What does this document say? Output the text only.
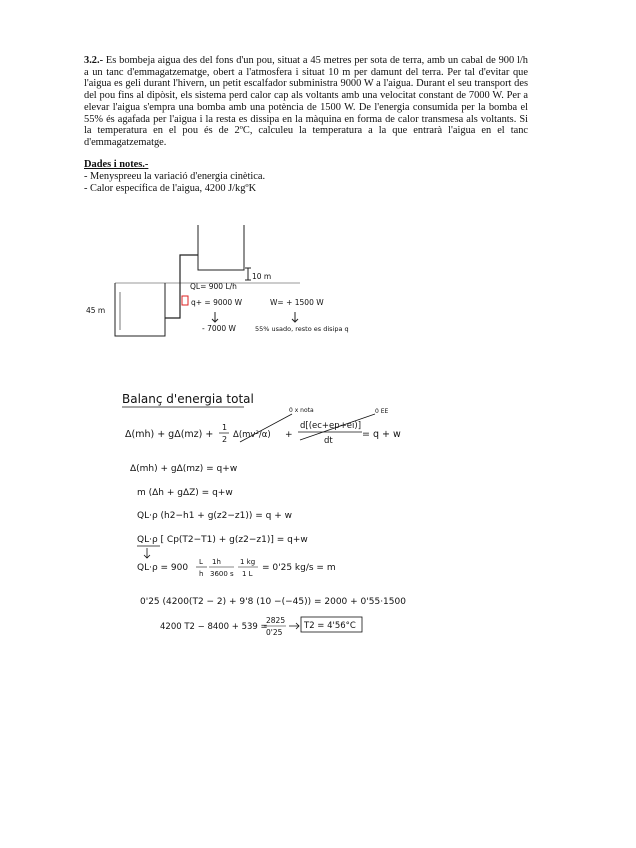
3.2.- Es bombeja aigua des del fons d'un pou, situat a 45 metres per sota de terra, amb un cabal de 900 l/h a un tanc d'emmagatzematge, obert a l'atmosfera i situat 10 m per damunt del terra. Per tal d'evitar que l'aigua es geli durant l'hivern, un petit escalfador subministra 9000 W a l'aigua. Durant el seu transport des del pou fins al dipòsit, els sistema perd calor cap als voltants amb una velocitat constant de 7000 W. Per a elevar l'aigua s'empra una bomba amb una potència de 1500 W. De l'energia consumida per la bomba el 55% és agafada per l'aigua i la resta es dissipa en la màquina en forma de calor transmesa als voltants. Si la temperatura en el pou és de 2ºC, calculeu la temperatura a la que entrarà l'aigua en el tanc d'emmagatzematge.

Dades i notes.-

- Menyspreeu la variació d'energia cinètica.

- Calor específica de l'aigua, 4200 J/kgºK

10 m
45 m
QL= 900 L/h
q+ = 9000 W	W= + 1500 W
- 7000 W	55% usado, resto es disipa q
Balanç d'energia total
0 x nota	0 EE
Δ(mh) + gΔ(mz) +
1
2 Δ(mv²/α) +
d[(ec+ep+ei)]
dt
= q + w
Δ(mh) + gΔ(mz) = q+w
m (Δh + gΔZ) = q+w
QL·ρ (h2−h1 + g(z2−z1)) = q + w
QL·ρ [ Cp(T2−T1) + g(z2−z1)] = q+w
QL·ρ = 900
L
h
1h
3600 s
1 kg
1 L
= 0'25 kg/s = m
0'25 (4200(T2 − 2) + 9'8 (10 −(−45)) = 2000 + 0'55·1500
4200 T2 − 8400 + 539 =
2825
0'25
T2 = 4'56°C
